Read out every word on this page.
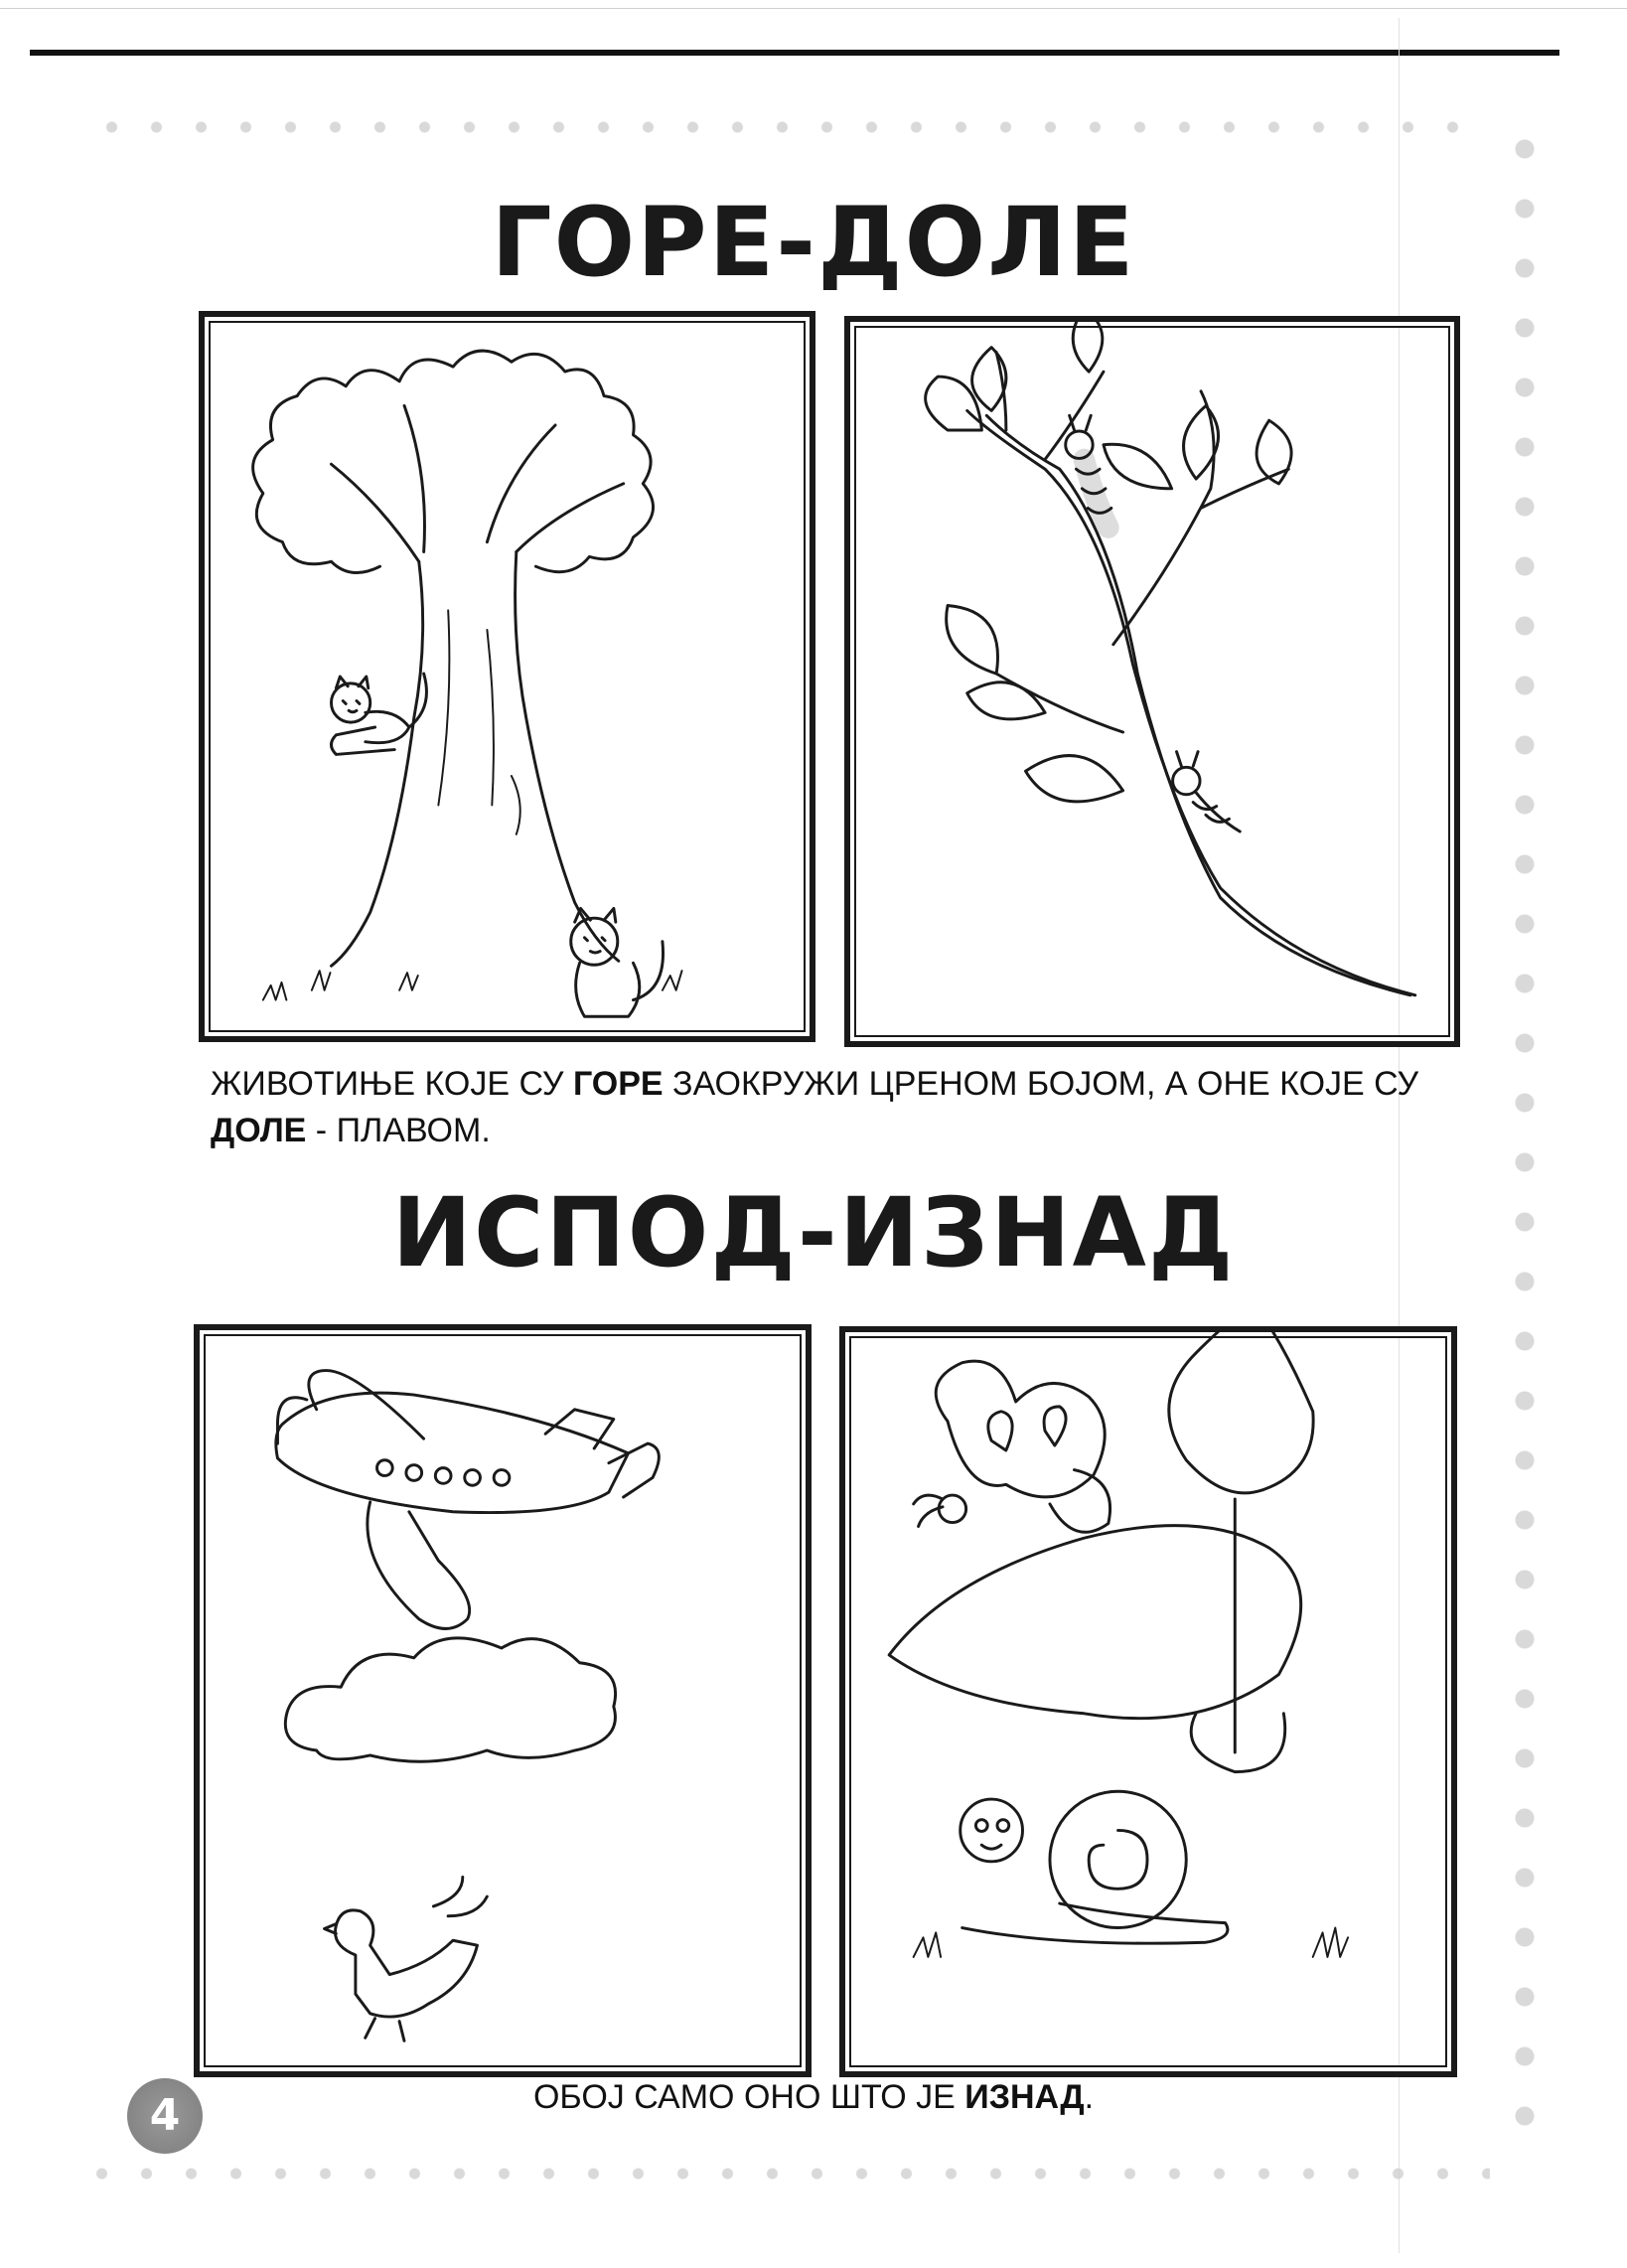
ГОРЕ-ДОЛЕ

ЖИВОТИЊЕ КОЈЕ СУ ГОРЕ ЗАОКРУЖИ ЦРЕНОМ БОЈОМ, А ОНЕ КОЈЕ СУ ДОЛЕ - ПЛАВОМ.

ИСПОД-ИЗНАД

ОБОЈ САМО ОНО ШТО ЈЕ ИЗНАД.

4
